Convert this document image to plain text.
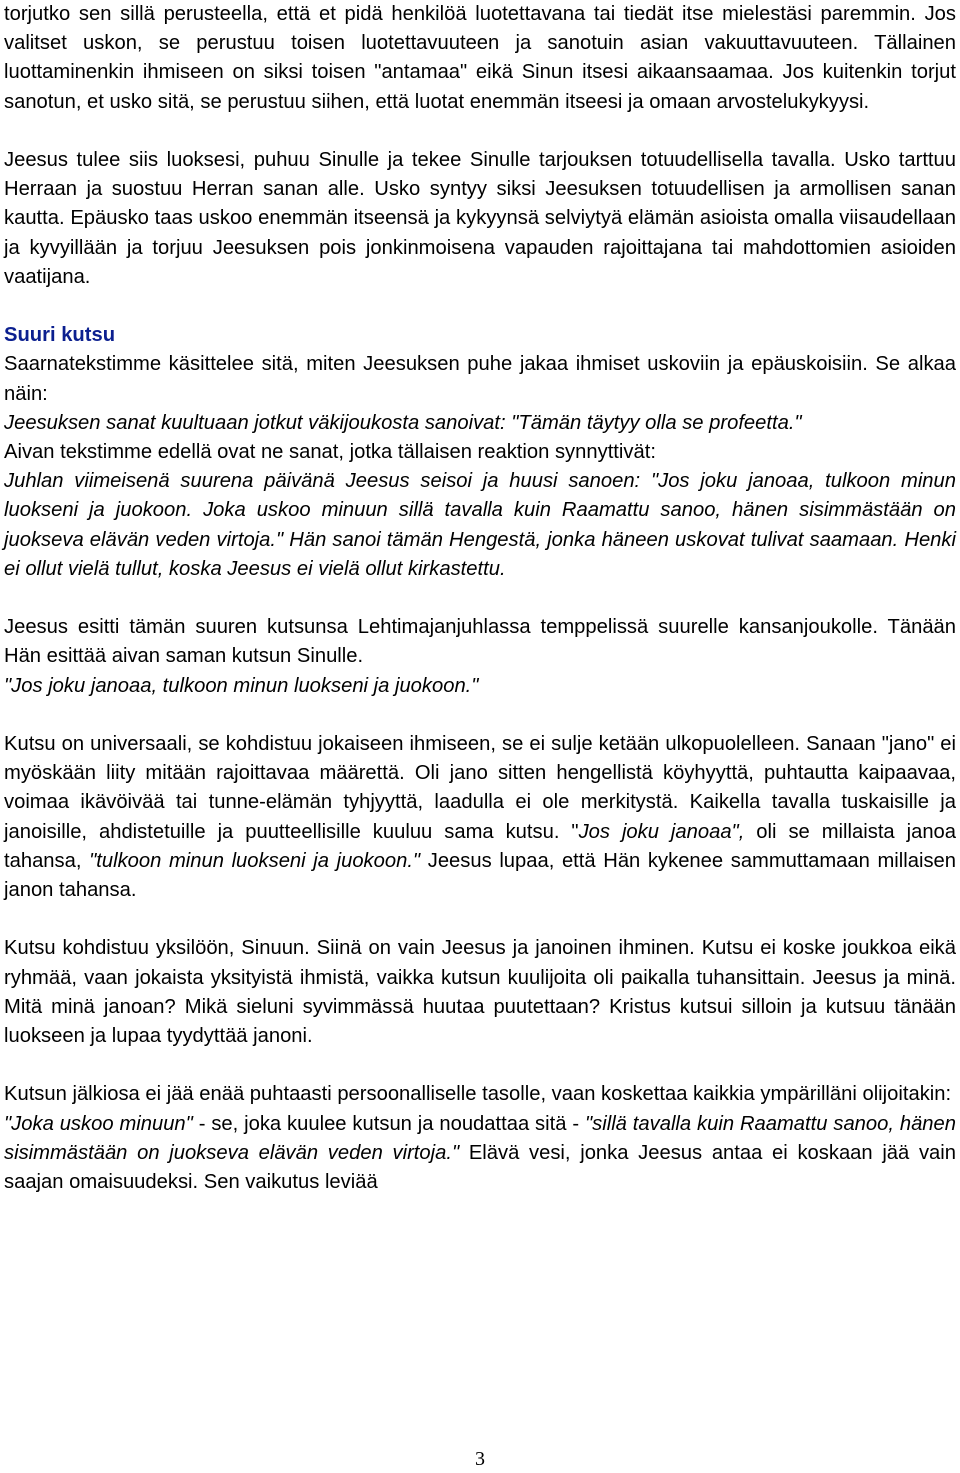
torjutko sen sillä perusteella, että et pidä henkilöä luotettavana tai tiedät itse mielestäsi paremmin. Jos valitset uskon, se perustuu toisen luotettavuuteen ja sanotuin asian vakuuttavuuteen. Tällainen luottaminenkin ihmiseen on siksi toisen "antamaa" eikä Sinun itsesi aikaansaamaa. Jos kuitenkin torjut sanotun, et usko sitä, se perustuu siihen, että luotat enemmän itseesi ja omaan arvostelukykyysi.

Jeesus tulee siis luoksesi, puhuu Sinulle ja tekee Sinulle tarjouksen totuudellisella tavalla. Usko tarttuu Herraan ja suostuu Herran sanan alle. Usko syntyy siksi Jeesuksen totuudellisen ja armollisen sanan kautta. Epäusko taas uskoo enemmän itseensä ja kykyynsä selviytyä elämän asioista omalla viisaudellaan ja kyvyillään ja torjuu Jeesuksen pois jonkinmoisena vapauden rajoittajana tai mahdottomien asioiden vaatijana.

Suuri kutsu

Saarnatekstimme käsittelee sitä, miten Jeesuksen puhe jakaa ihmiset uskoviin ja epäuskoisiin. Se alkaa näin:
Jeesuksen sanat kuultuaan jotkut väkijoukosta sanoivat: "Tämän täytyy olla se profeetta."
Aivan tekstimme edellä ovat ne sanat, jotka tällaisen reaktion synnyttivät:
Juhlan viimeisenä suurena päivänä Jeesus seisoi ja huusi sanoen: "Jos joku janoaa, tulkoon minun luokseni ja juokoon. Joka uskoo minuun sillä tavalla kuin Raamattu sanoo, hänen sisimmästään on juokseva elävän veden virtoja." Hän sanoi tämän Hengestä, jonka häneen uskovat tulivat saamaan. Henki ei ollut vielä tullut, koska Jeesus ei vielä ollut kirkastettu.

Jeesus esitti tämän suuren kutsunsa Lehtimajanjuhlassa temppelissä suurelle kansanjoukolle. Tänään Hän esittää aivan saman kutsun Sinulle.
"Jos joku janoaa, tulkoon minun luokseni ja juokoon."

Kutsu on universaali, se kohdistuu jokaiseen ihmiseen, se ei sulje ketään ulkopuolelleen. Sanaan "jano" ei myöskään liity mitään rajoittavaa määrettä. Oli jano sitten hengellistä köyhyyttä, puhtautta kaipaavaa, voimaa ikävöivää tai tunne-elämän tyhjyyttä, laadulla ei ole merkitystä. Kaikella tavalla tuskaisille ja janoisille, ahdistetuille ja puutteellisille kuuluu sama kutsu. "Jos joku janoaa", oli se millaista janoa tahansa, "tulkoon minun luokseni ja juokoon." Jeesus lupaa, että Hän kykenee sammuttamaan millaisen janon tahansa.

Kutsu kohdistuu yksilöön, Sinuun. Siinä on vain Jeesus ja janoinen ihminen. Kutsu ei koske joukkoa eikä ryhmää, vaan jokaista yksityistä ihmistä, vaikka kutsun kuulijoita oli paikalla tuhansittain. Jeesus ja minä. Mitä minä janoan? Mikä sieluni syvimmässä huutaa puutettaan? Kristus kutsui silloin ja kutsuu tänään luokseen ja lupaa tyydyttää janoni.

Kutsun jälkiosa ei jää enää puhtaasti persoonalliselle tasolle, vaan koskettaa kaikkia ympärilläni olijoitakin:
"Joka uskoo minuun" - se, joka kuulee kutsun ja noudattaa sitä - "sillä tavalla kuin Raamattu sanoo, hänen sisimmästään on juokseva elävän veden virtoja." Elävä vesi, jonka Jeesus antaa ei koskaan jää vain saajan omaisuudeksi. Sen vaikutus leviää

3
